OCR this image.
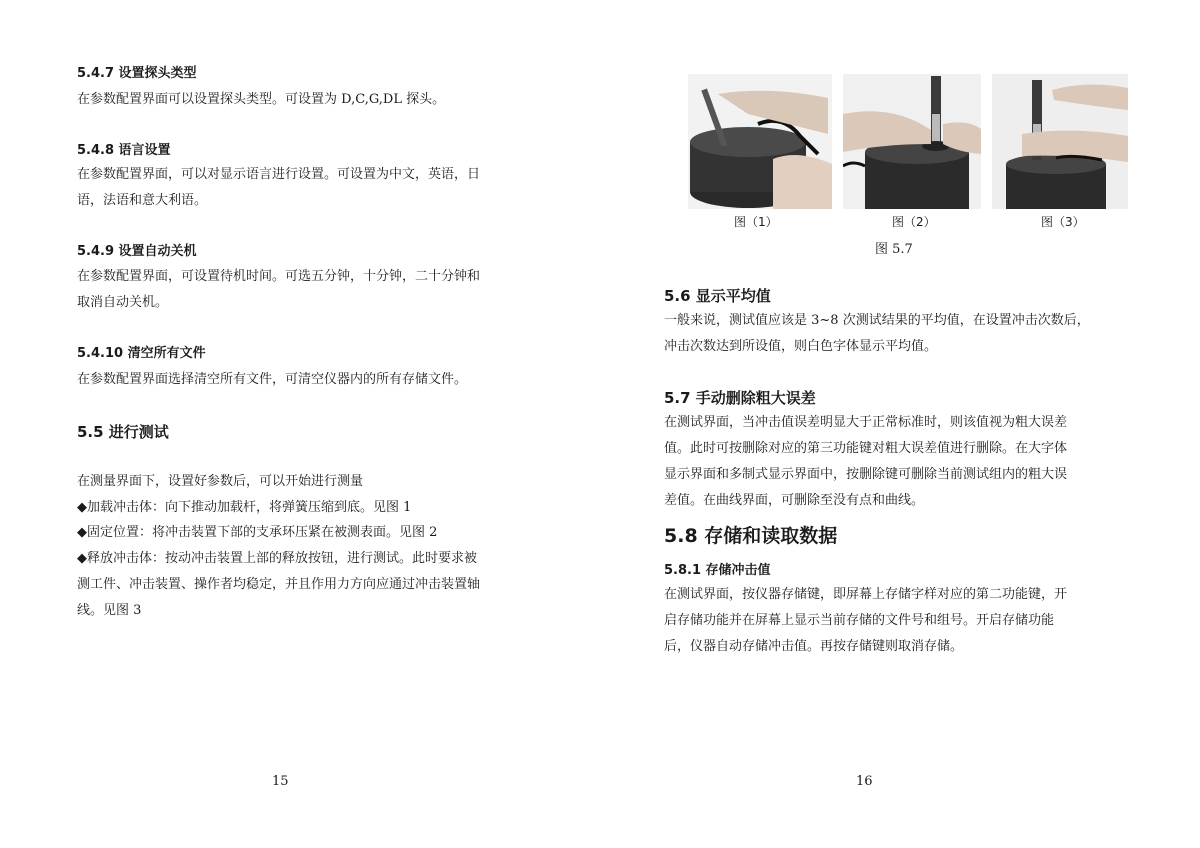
5.4.7 设置探头类型
在参数配置界面可以设置探头类型。可设置为 D,C,G,DL 探头。
5.4.8 语言设置
在参数配置界面，可以对显示语言进行设置。可设置为中文，英语，日
语，法语和意大利语。
5.4.9 设置自动关机
在参数配置界面，可设置待机时间。可选五分钟，十分钟，二十分钟和
取消自动关机。
5.4.10 清空所有文件
在参数配置界面选择清空所有文件，可清空仪器内的所有存储文件。
5.5 进行测试
在测量界面下，设置好参数后，可以开始进行测量
◆加载冲击体：向下推动加载杆，将弹簧压缩到底。见图 1
◆固定位置：将冲击装置下部的支承环压紧在被测表面。见图 2
◆释放冲击体：按动冲击装置上部的释放按钮，进行测试。此时要求被
测工件、冲击装置、操作者均稳定，并且作用力方向应通过冲击装置轴
线。见图 3
15
图（1）	图（2）	图（3）
图 5.7
5.6 显示平均值
一般来说，测试值应该是 3~8 次测试结果的平均值，在设置冲击次数后，
冲击次数达到所设值，则白色字体显示平均值。
5.7 手动删除粗大误差
在测试界面，当冲击值误差明显大于正常标准时，则该值视为粗大误差
值。此时可按删除对应的第三功能键对粗大误差值进行删除。在大字体
显示界面和多制式显示界面中，按删除键可删除当前测试组内的粗大误
差值。在曲线界面，可删除至没有点和曲线。
5.8 存储和读取数据
5.8.1 存储冲击值
在测试界面，按仪器存储键，即屏幕上存储字样对应的第二功能键，开
启存储功能并在屏幕上显示当前存储的文件号和组号。开启存储功能
后，仪器自动存储冲击值。再按存储键则取消存储。
16
